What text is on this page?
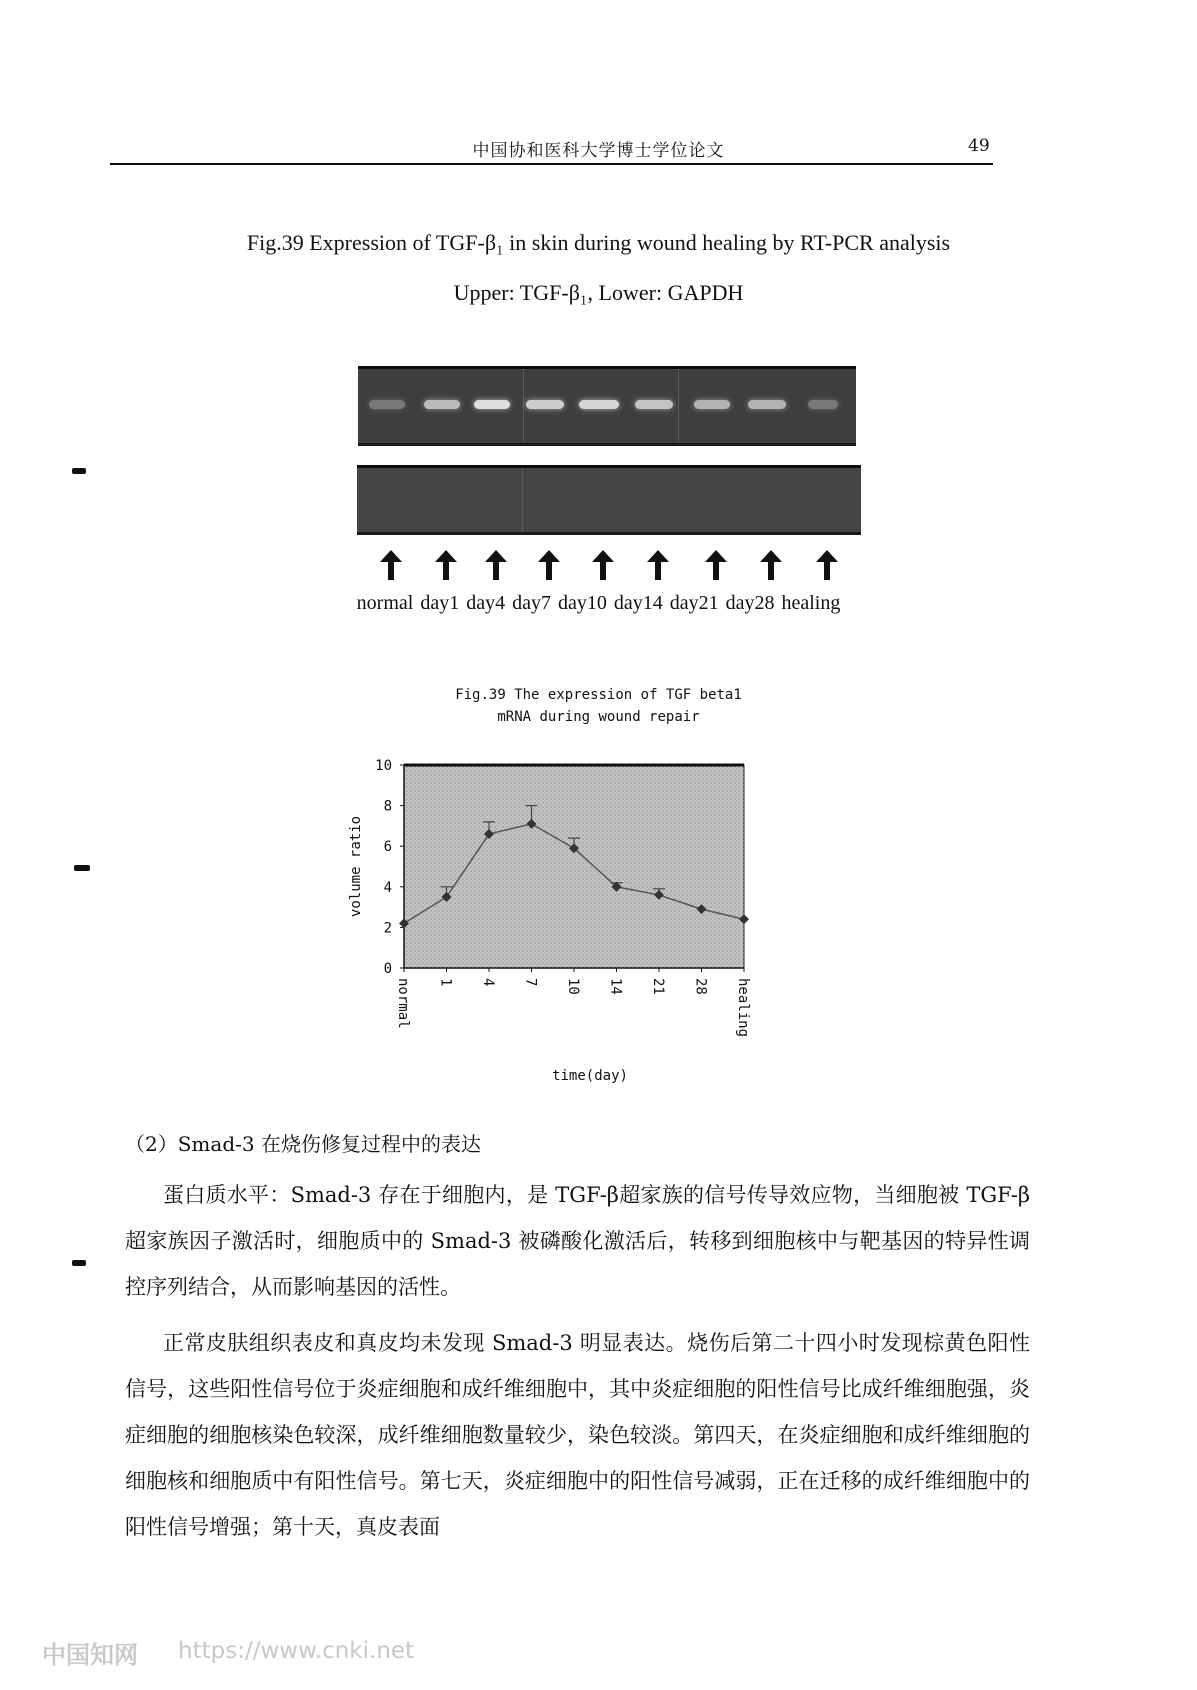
中国协和医科大学博士学位论文	49
Fig.39 Expression of TGF-β₁ in skin during wound healing by RT-PCR analysis
Upper: TGF-β₁, Lower: GAPDH
normal day1 day4 day7 day10 day14 day21 day28 healing
Fig.39 The expression of TGF beta1
mRNA during wound repair
0
2
4
6
8
10
normal 1 4 7 10 14 21 28 healing
volume ratio
time(day)
（2）Smad-3 在烧伤修复过程中的表达
蛋白质水平：Smad-3 存在于细胞内，是 TGF-β超家族的信号传导效应物，当细胞被 TGF-β超家族因子激活时，细胞质中的 Smad-3 被磷酸化激活后，转移到细胞核中与靶基因的特异性调控序列结合，从而影响基因的活性。
正常皮肤组织表皮和真皮均未发现 Smad-3 明显表达。烧伤后第二十四小时发现棕黄色阳性信号，这些阳性信号位于炎症细胞和成纤维细胞中，其中炎症细胞的阳性信号比成纤维细胞强，炎症细胞的细胞核染色较深，成纤维细胞数量较少，染色较淡。第四天，在炎症细胞和成纤维细胞的细胞核和细胞质中有阳性信号。第七天，炎症细胞中的阳性信号减弱，正在迁移的成纤维细胞中的阳性信号增强；第十天，真皮表面
中国知网 https://www.cnki.net
